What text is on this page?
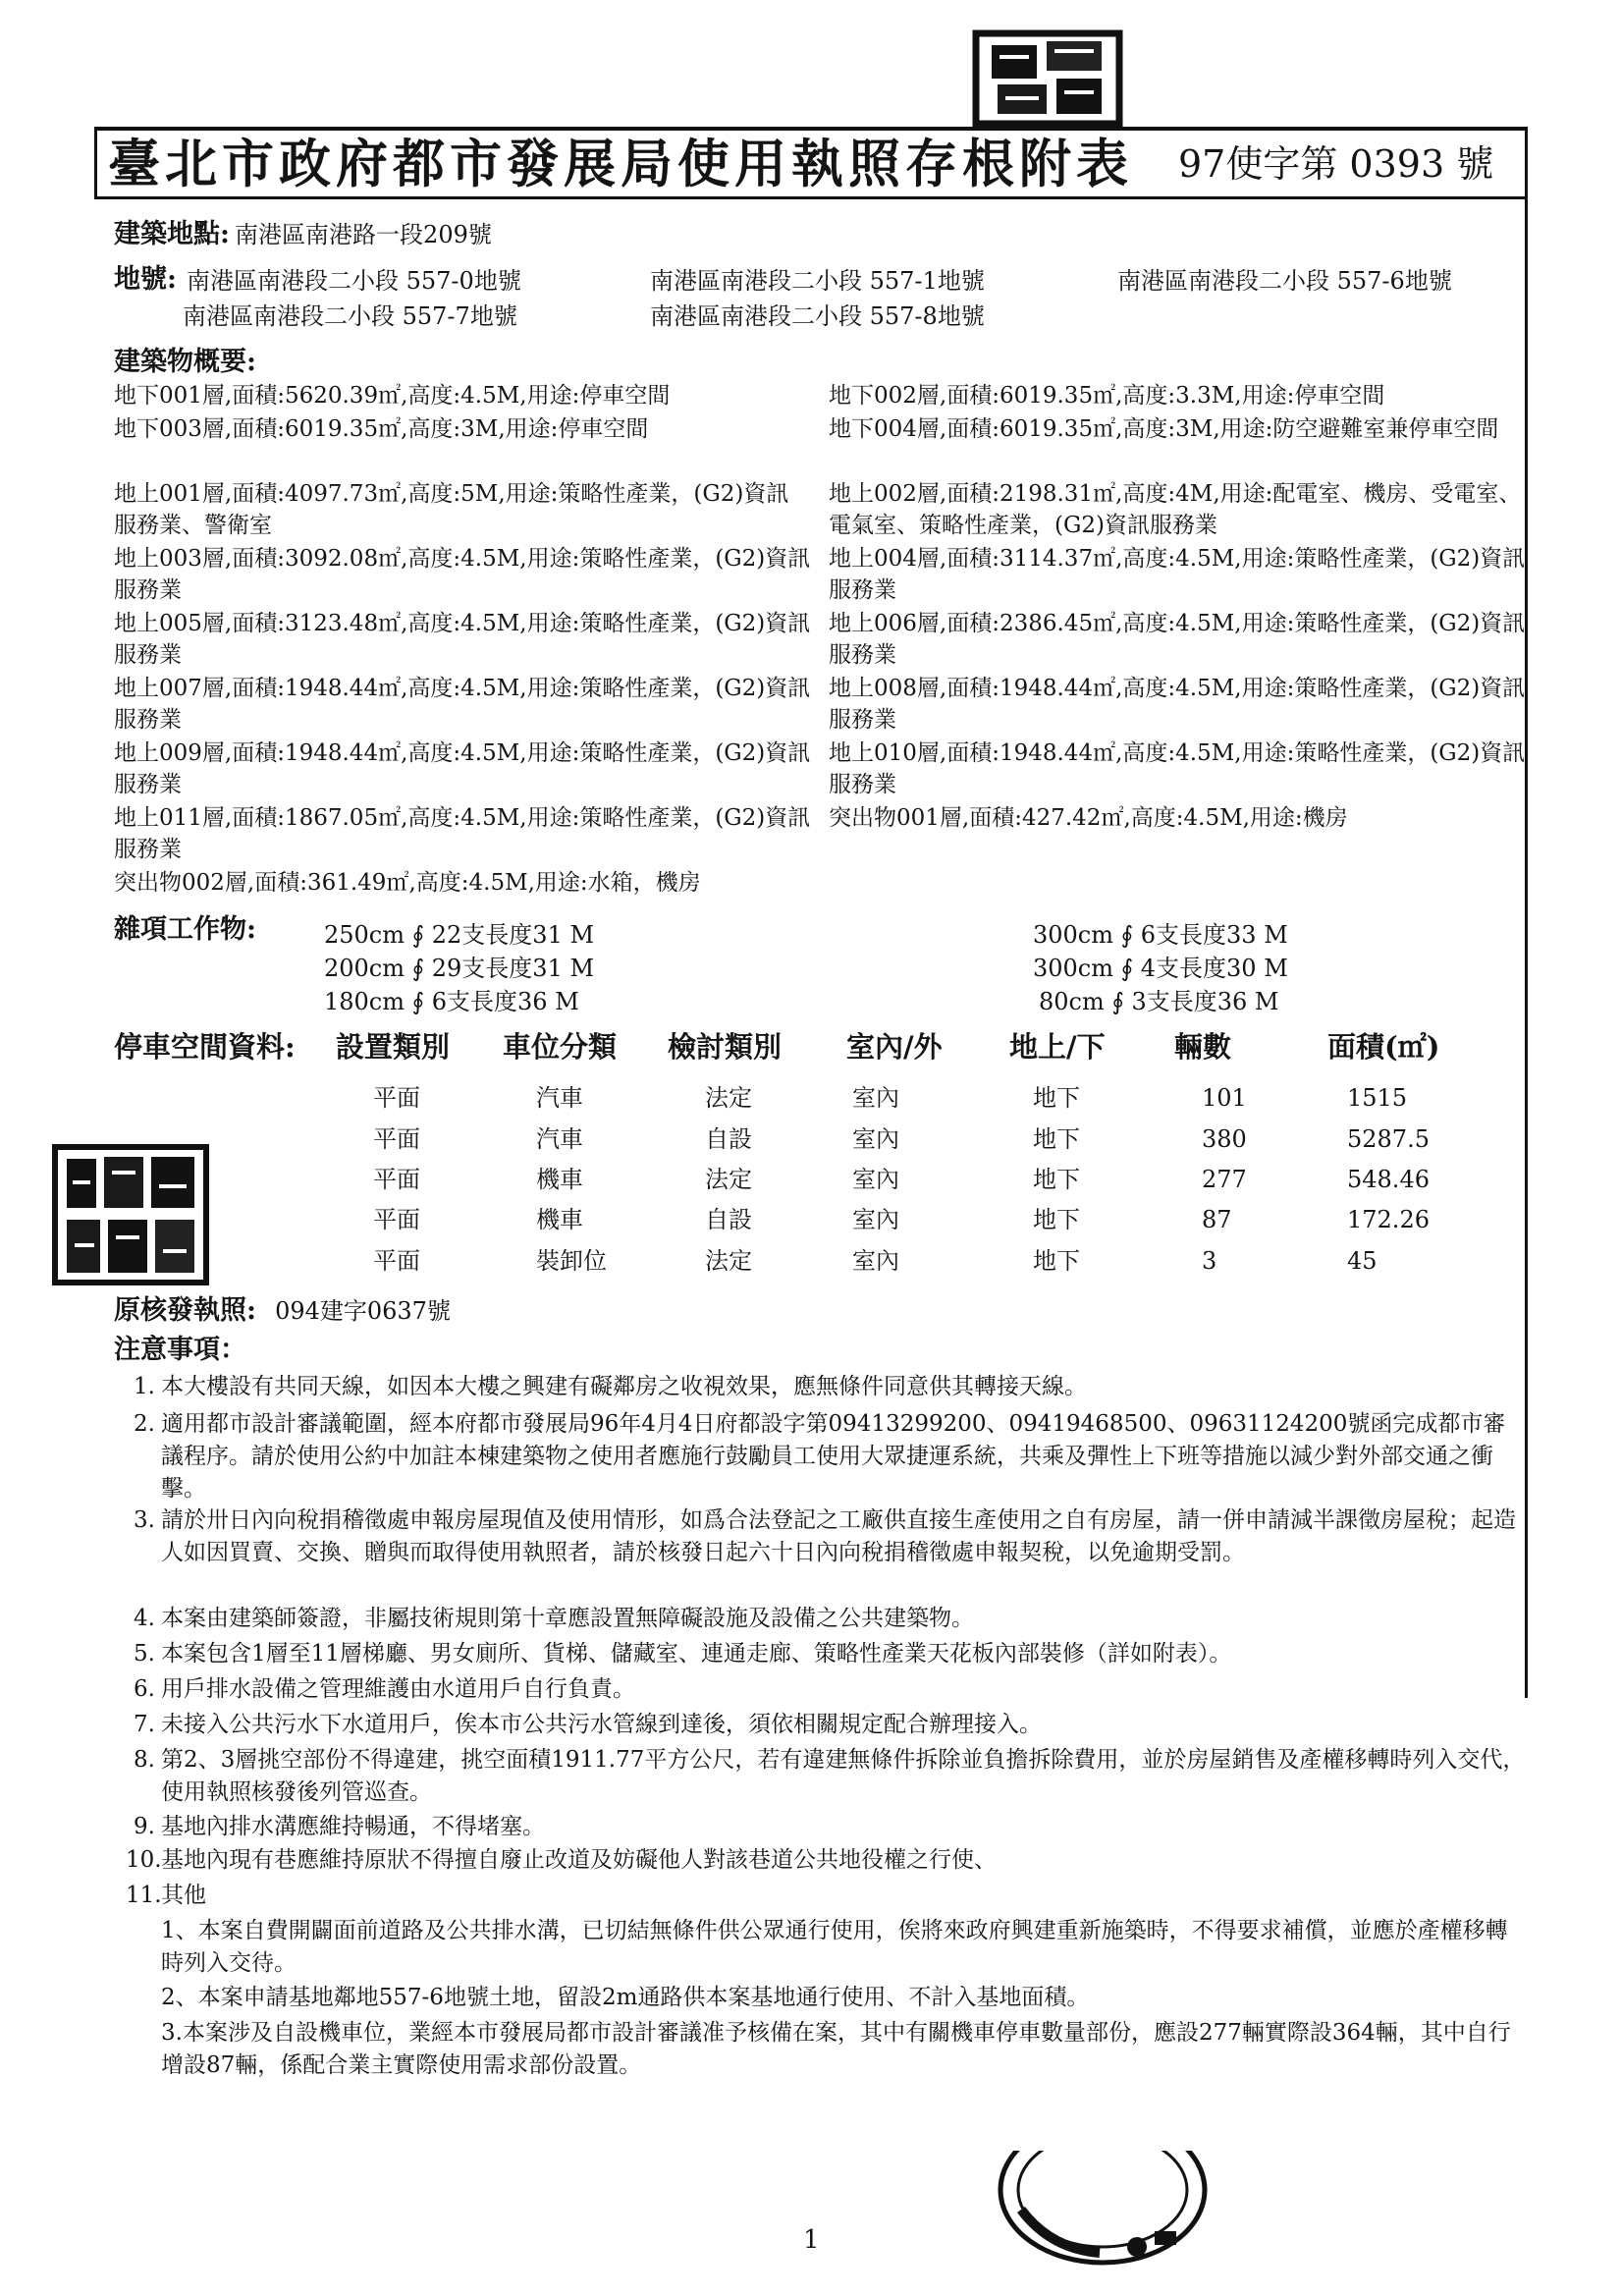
臺北市政府都市發展局使用執照存根附表 97使字第 0393 號
建築地點: 南港區南港路一段209號
地號: 南港區南港段二小段 557-0地號	南港區南港段二小段 557-1地號	南港區南港段二小段 557-6地號
南港區南港段二小段 557-7地號	南港區南港段二小段 557-8地號
建築物概要:
地下001層,面積:5620.39㎡,高度:4.5M,用途:停車空間	地下002層,面積:6019.35㎡,高度:3.3M,用途:停車空間
地下003層,面積:6019.35㎡,高度:3M,用途:停車空間	地下004層,面積:6019.35㎡,高度:3M,用途:防空避難室兼停車空間
地上001層,面積:4097.73㎡,高度:5M,用途:策略性產業，(G2)資訊服務業、警衛室
地上002層,面積:2198.31㎡,高度:4M,用途:配電室、機房、受電室、電氣室、策略性產業，(G2)資訊服務業
地上003層,面積:3092.08㎡,高度:4.5M,用途:策略性產業，(G2)資訊服務業
地上004層,面積:3114.37㎡,高度:4.5M,用途:策略性產業，(G2)資訊服務業
地上005層,面積:3123.48㎡,高度:4.5M,用途:策略性產業，(G2)資訊服務業
地上006層,面積:2386.45㎡,高度:4.5M,用途:策略性產業，(G2)資訊服務業
地上007層,面積:1948.44㎡,高度:4.5M,用途:策略性產業，(G2)資訊服務業
地上008層,面積:1948.44㎡,高度:4.5M,用途:策略性產業，(G2)資訊服務業
地上009層,面積:1948.44㎡,高度:4.5M,用途:策略性產業，(G2)資訊服務業
地上010層,面積:1948.44㎡,高度:4.5M,用途:策略性產業，(G2)資訊服務業
地上011層,面積:1867.05㎡,高度:4.5M,用途:策略性產業，(G2)資訊服務業
突出物001層,面積:427.42㎡,高度:4.5M,用途:機房
突出物002層,面積:361.49㎡,高度:4.5M,用途:水箱，機房
雜項工作物:	250cm ∮ 22支長度31 M	300cm ∮ 6支長度33 M
200cm ∮ 29支長度31 M	300cm ∮ 4支長度30 M
180cm ∮ 6支長度36 M	80cm ∮ 3支長度36 M
停車空間資料: 設置類別 車位分類 檢討類別 室內/外 地上/下 輛數	面積(㎡)
平面	汽車	法定	室內	地下	101	1515
平面	汽車	自設	室內	地下	380	5287.5
平面	機車	法定	室內	地下	277	548.46
平面	機車	自設	室內	地下	87	172.26
平面	裝卸位	法定	室內	地下	3	45
原核發執照: 094建字0637號
注意事項：
1. 本大樓設有共同天線，如因本大樓之興建有礙鄰房之收視效果，應無條件同意供其轉接天線。
2. 適用都市設計審議範圍，經本府都市發展局96年4月4日府都設字第09413299200、09419468500、09631124200號函完成都市審議程序。請於使用公約中加註本棟建築物之使用者應施行鼓勵員工使用大眾捷運系統，共乘及彈性上下班等措施以減少對外部交通之衝擊。
3. 請於卅日內向稅捐稽徵處申報房屋現值及使用情形，如爲合法登記之工廠供直接生產使用之自有房屋，請一併申請減半課徵房屋稅；起造人如因買賣、交換、贈與而取得使用執照者，請於核發日起六十日內向稅捐稽徵處申報契稅，以免逾期受罰。
4. 本案由建築師簽證，非屬技術規則第十章應設置無障礙設施及設備之公共建築物。
5. 本案包含1層至11層梯廳、男女廁所、貨梯、儲藏室、連通走廊、策略性產業天花板內部裝修（詳如附表）。
6. 用戶排水設備之管理維護由水道用戶自行負責。
7. 未接入公共污水下水道用戶，俟本市公共污水管線到達後，須依相關規定配合辦理接入。
8. 第2、3層挑空部份不得違建，挑空面積1911.77平方公尺，若有違建無條件拆除並負擔拆除費用，並於房屋銷售及產權移轉時列入交代，使用執照核發後列管巡查。
9. 基地內排水溝應維持暢通，不得堵塞。
10. 基地內現有巷應維持原狀不得擅自廢止改道及妨礙他人對該巷道公共地役權之行使、
11. 其他
1、本案自費開闢面前道路及公共排水溝，已切結無條件供公眾通行使用，俟將來政府興建重新施築時，不得要求補償，並應於產權移轉時列入交待。
2、本案申請基地鄰地557-6地號土地，留設2m通路供本案基地通行使用、不計入基地面積。
3.本案涉及自設機車位，業經本市發展局都市設計審議准予核備在案，其中有關機車停車數量部份，應設277輛實際設364輛，其中自行增設87輛，係配合業主實際使用需求部份設置。
1
